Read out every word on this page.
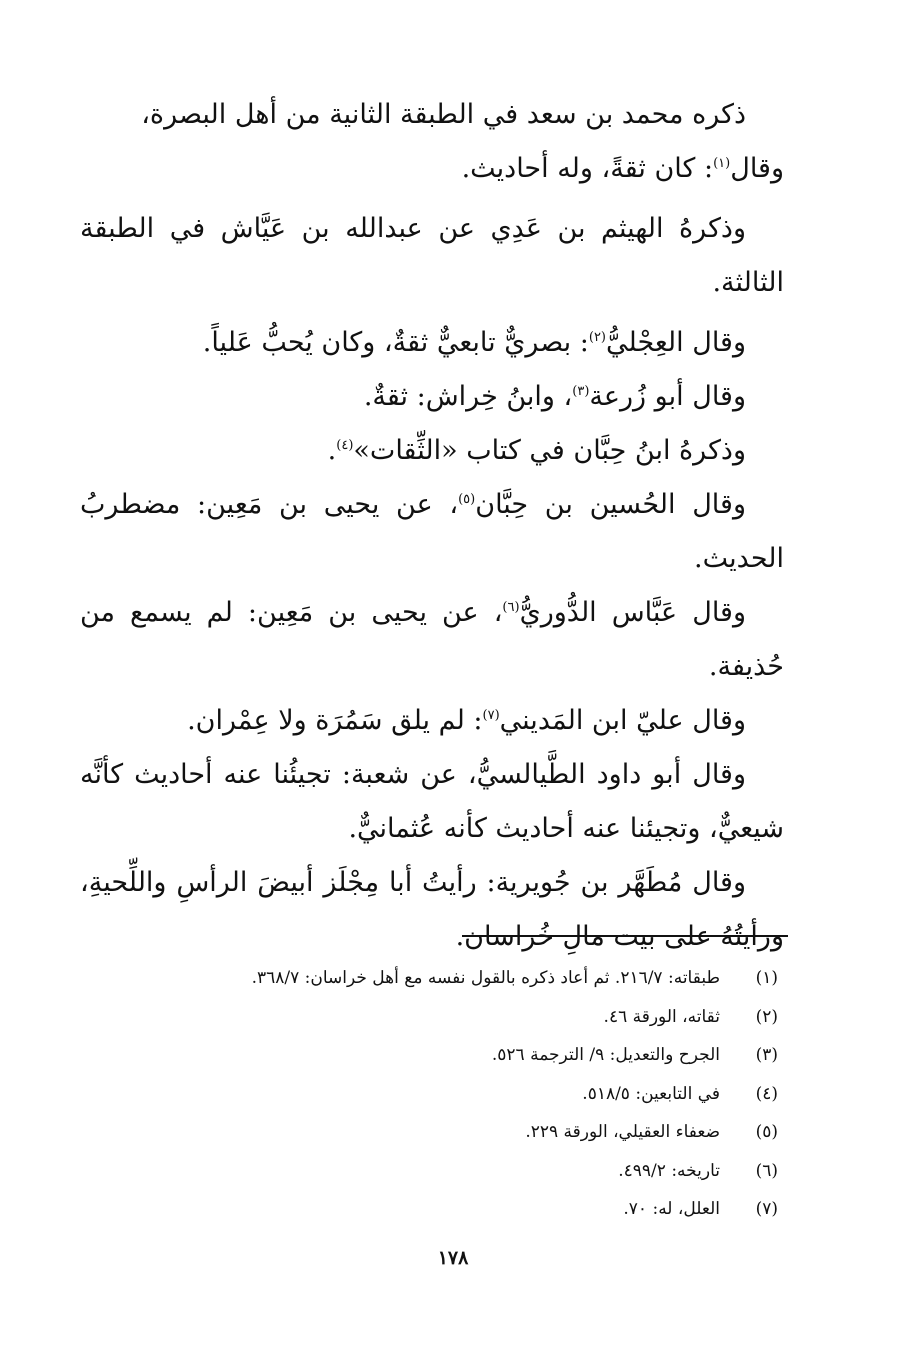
ذكره محمد بن سعد في الطبقة الثانية من أهل البصرة،

وقال$^{(١)}$: كان ثقةً، وله أحاديث.

وذكرهُ الهيثم بن عَدِي عن عبدالله بن عَيَّاش في الطبقة الثالثة.

وقال العِجْليُّ$^{(٢)}$: بصريٌّ تابعيٌّ ثقةٌ، وكان يُحبُّ عَلياً.

وقال أبو زُرعة$^{(٣)}$، وابنُ خِراش: ثقةٌ.

وذكرهُ ابنُ حِبَّان في كتاب «الثِّقات»$^{(٤)}$.

وقال الحُسين بن حِبَّان$^{(٥)}$، عن يحيى بن مَعِين: مضطربُ الحديث.

وقال عَبَّاس الدُّوريُّ$^{(٦)}$، عن يحيى بن مَعِين: لم يسمع من حُذيفة.

وقال عليّ ابن المَديني$^{(٧)}$: لم يلق سَمُرَة ولا عِمْران.

وقال أبو داود الطَّيالسيُّ، عن شعبة: تجيئُنا عنه أحاديث كأنَّه شيعيٌّ، وتجيئنا عنه أحاديث كأنه عُثمانيٌّ.

وقال مُطَهَّر بن جُويرية: رأيتُ أبا مِجْلَز أبيضَ الرأسِ واللِّحيةِ، ورأيتُهُ على بيت مالِ خُراسان.

(١)
طبقاته: ٢١٦/٧. ثم أعاد ذكره بالقول نفسه مع أهل خراسان: ٣٦٨/٧.
(٢)
ثقاته، الورقة ٤٦.
(٣)
الجرح والتعديل: ٩/ الترجمة ٥٢٦.
(٤)
في التابعين: ٥١٨/٥.
(٥)
ضعفاء العقيلي، الورقة ٢٢٩.
(٦)
تاريخه: ٤٩٩/٢.
(٧)
العلل، له: ٧٠.
١٧٨
